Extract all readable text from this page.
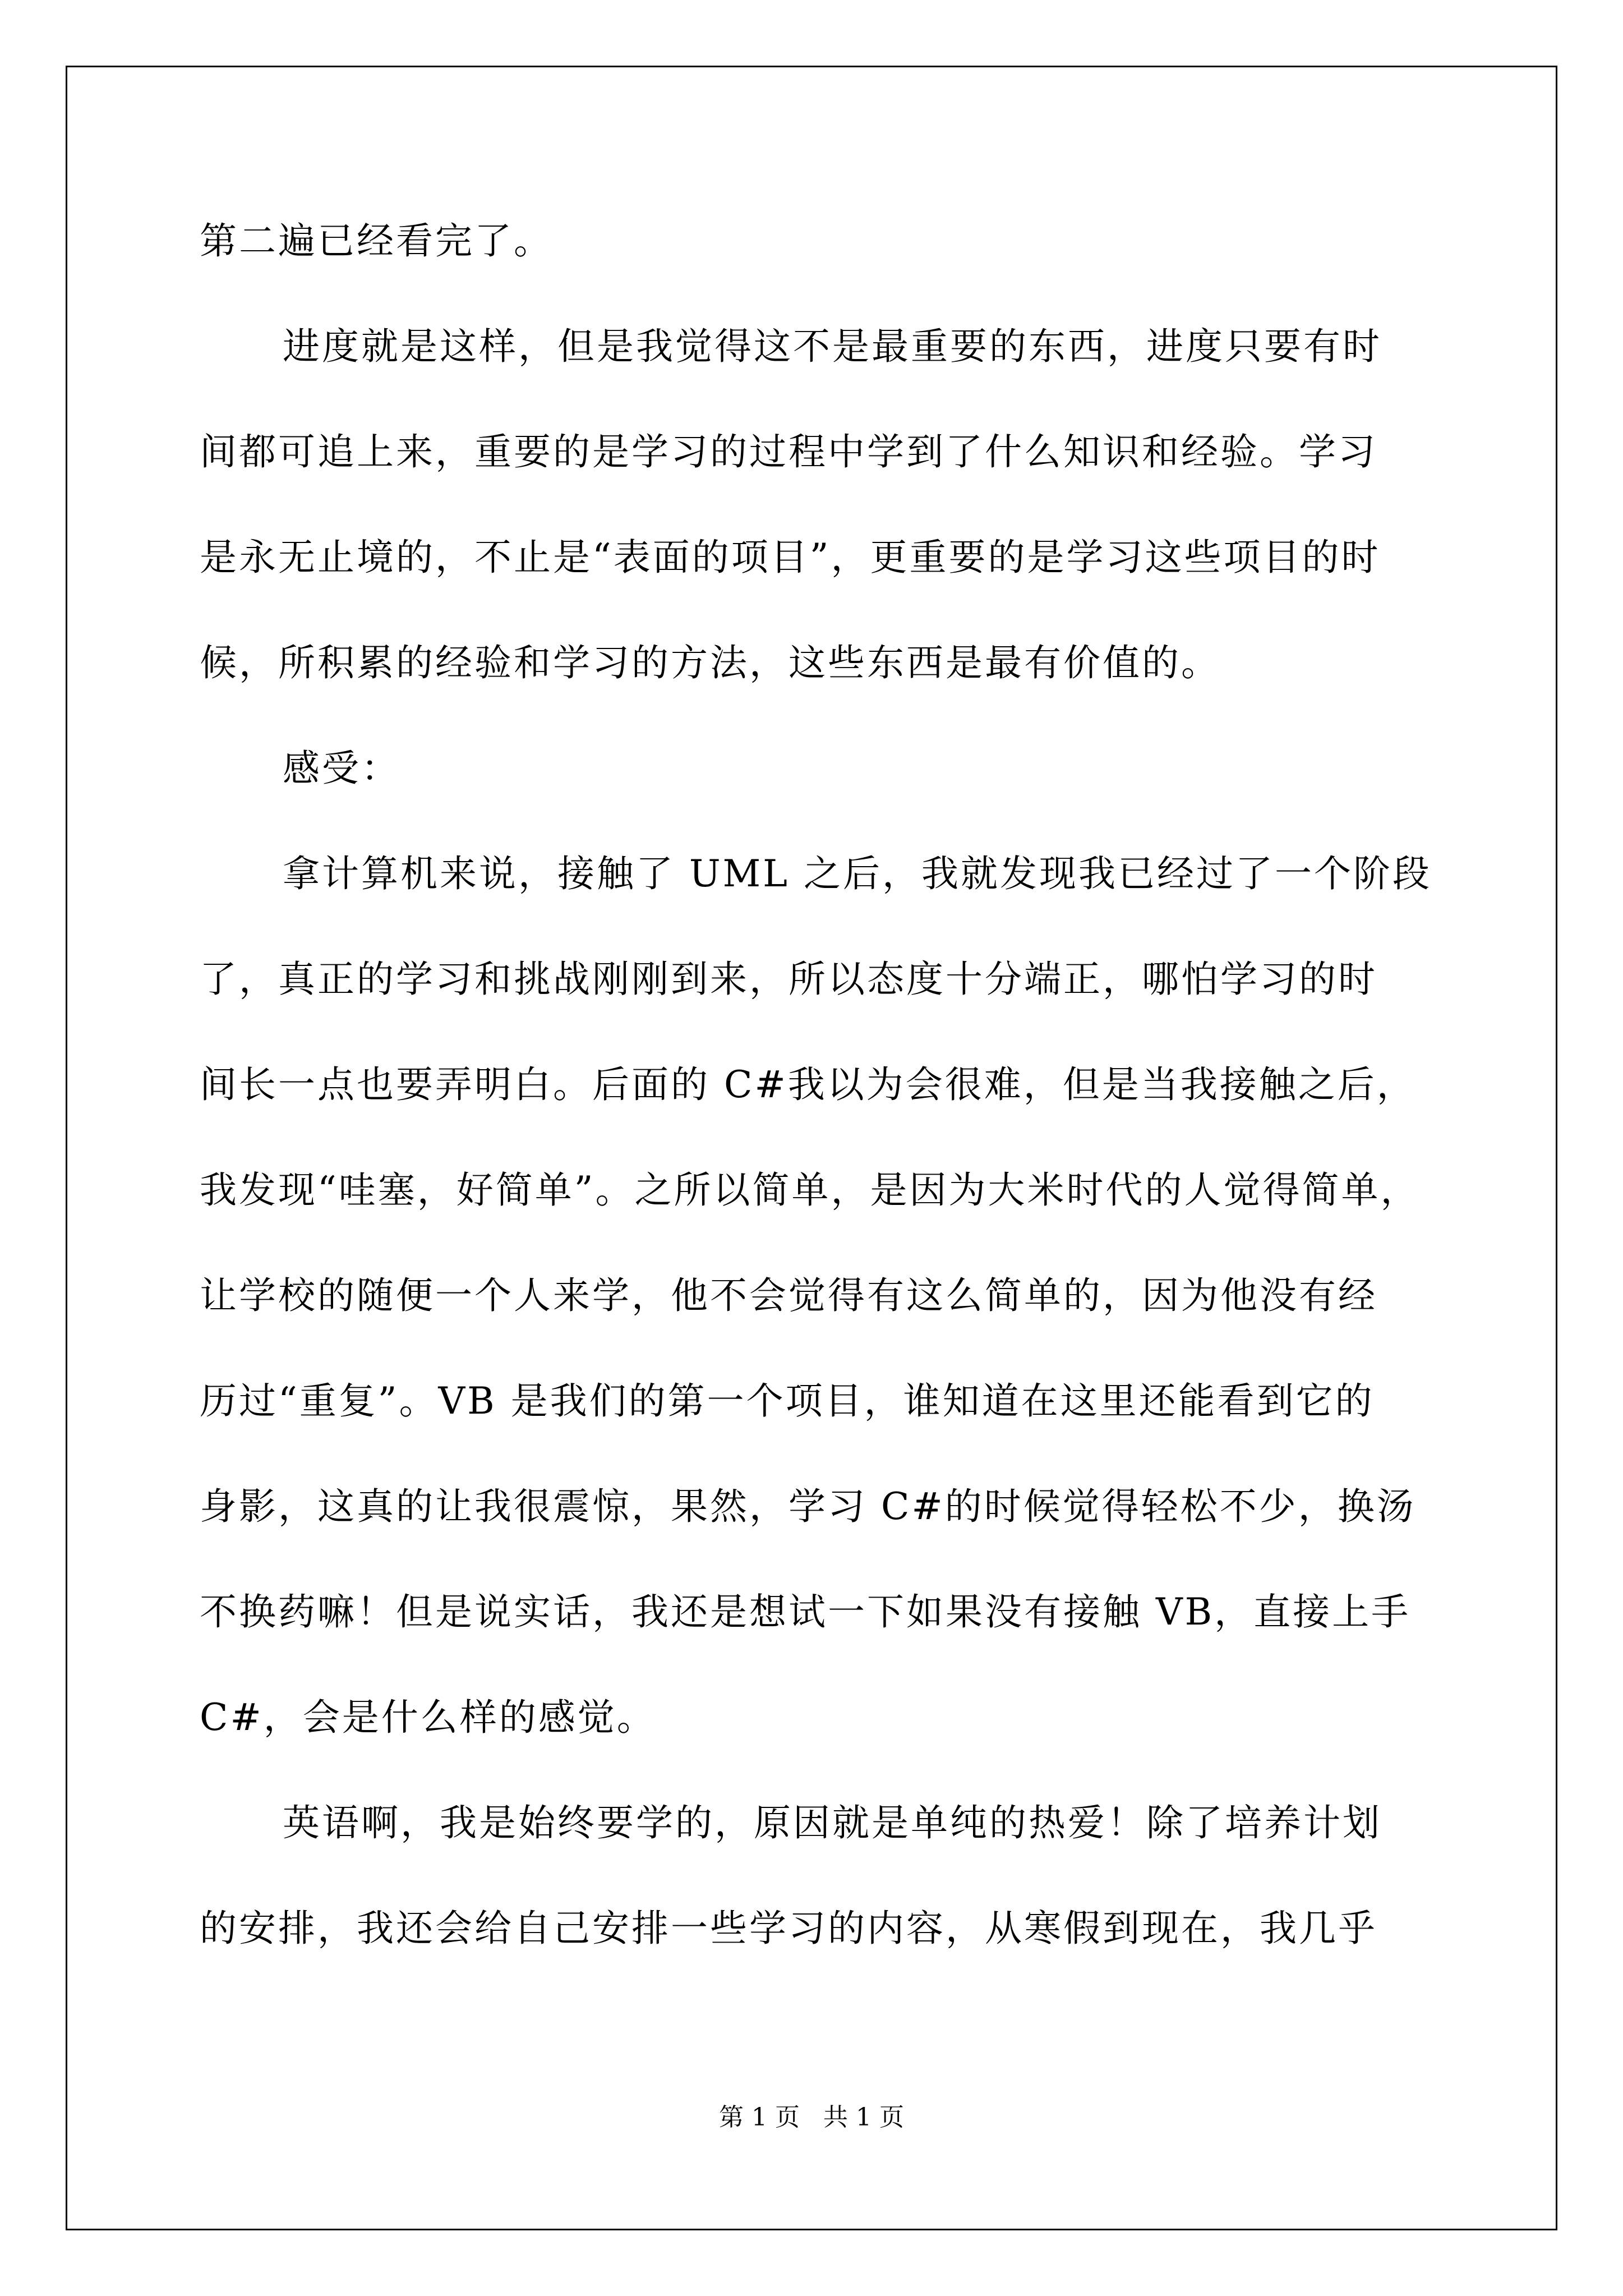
第二遍已经看完了。
进度就是这样，但是我觉得这不是最重要的东西，进度只要有时
间都可追上来，重要的是学习的过程中学到了什么知识和经验。学习
是永无止境的，不止是“表面的项目”，更重要的是学习这些项目的时
候，所积累的经验和学习的方法，这些东西是最有价值的。
感受：
拿计算机来说，接触了 UML 之后，我就发现我已经过了一个阶段
了，真正的学习和挑战刚刚到来，所以态度十分端正，哪怕学习的时
间长一点也要弄明白。后面的 C#我以为会很难，但是当我接触之后，
我发现“哇塞，好简单”。之所以简单，是因为大米时代的人觉得简单，
让学校的随便一个人来学，他不会觉得有这么简单的，因为他没有经
历过“重复”。VB 是我们的第一个项目，谁知道在这里还能看到它的
身影，这真的让我很震惊，果然，学习 C#的时候觉得轻松不少，换汤
不换药嘛！但是说实话，我还是想试一下如果没有接触 VB，直接上手
C#，会是什么样的感觉。
英语啊，我是始终要学的，原因就是单纯的热爱！除了培养计划
的安排，我还会给自己安排一些学习的内容，从寒假到现在，我几乎
第 1 页   共 1 页
